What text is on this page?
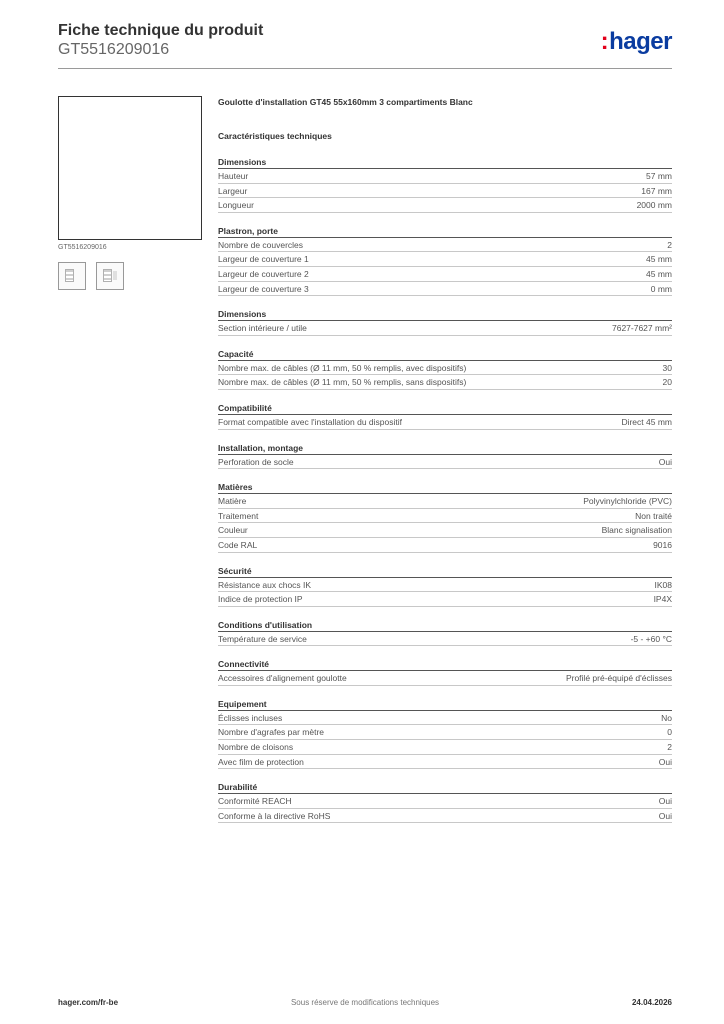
Fiche technique du produit
GT5516209016	:hager
GT5516209016
Goulotte d'installation GT45 55x160mm 3 compartiments Blanc
Caractéristiques techniques
Dimensions
Hauteur	57 mm
Largeur	167 mm
Longueur	2000 mm
Plastron, porte
Nombre de couvercles	2
Largeur de couverture 1	45 mm
Largeur de couverture 2	45 mm
Largeur de couverture 3	0 mm
Dimensions
Section intérieure / utile	7627-7627 mm²
Capacité
Nombre max. de câbles (Ø 11 mm, 50 % remplis, avec dispositifs)	30
Nombre max. de câbles (Ø 11 mm, 50 % remplis, sans dispositifs)	20
Compatibilité
Format compatible avec l'installation du dispositif	Direct 45 mm
Installation, montage
Perforation de socle	Oui
Matières
Matière	Polyvinylchloride (PVC)
Traitement	Non traité
Couleur	Blanc signalisation
Code RAL	9016
Sécurité
Résistance aux chocs IK	IK08
Indice de protection IP	IP4X
Conditions d'utilisation
Température de service	-5 - +60 °C
Connectivité
Accessoires d'alignement goulotte	Profilé pré-équipé d'éclisses
Equipement
Éclisses incluses	No
Nombre d'agrafes par mètre	0
Nombre de cloisons	2
Avec film de protection	Oui
Durabilité
Conformité REACH	Oui
Conforme à la directive RoHS	Oui
Sous réserve de modifications techniques
hager.com/fr-be	24.04.2026
